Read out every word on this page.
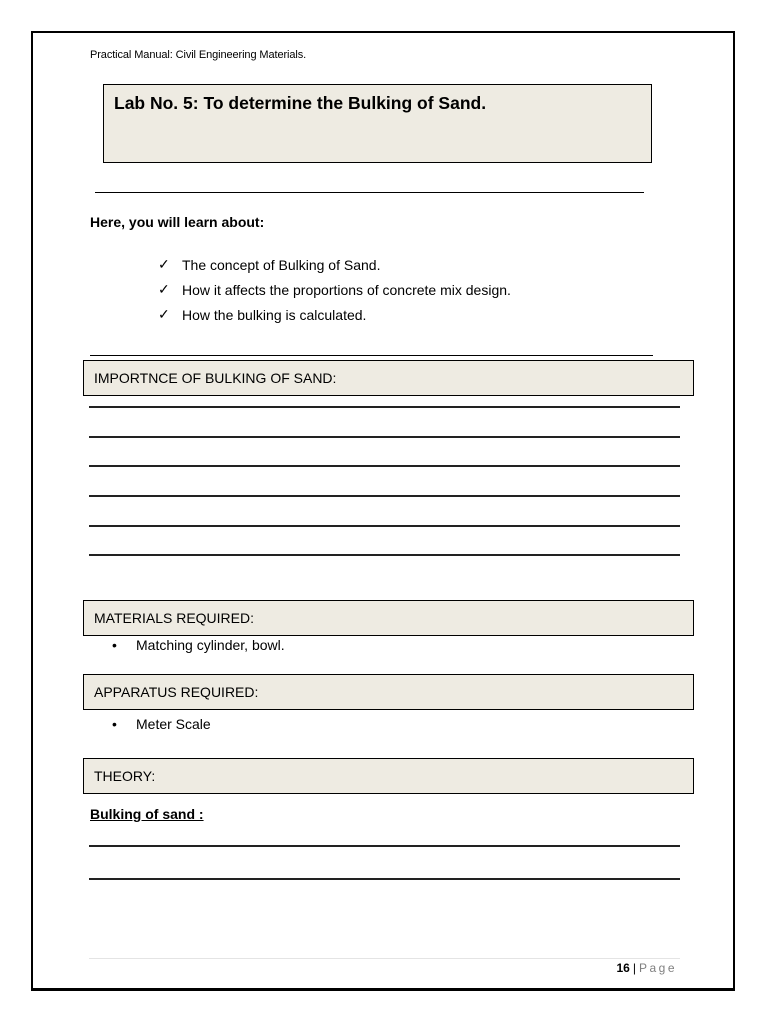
Practical Manual: Civil Engineering Materials.
Lab No. 5: To determine the Bulking of Sand.
Here, you will learn about:
✓ The concept of Bulking of Sand.
✓ How it affects the proportions of concrete mix design.
✓ How the bulking is calculated.
IMPORTNCE OF BULKING OF SAND:
MATERIALS REQUIRED:
•	Matching cylinder, bowl.
APPARATUS REQUIRED:
•	Meter Scale
THEORY:
Bulking of sand :
16 | Page
